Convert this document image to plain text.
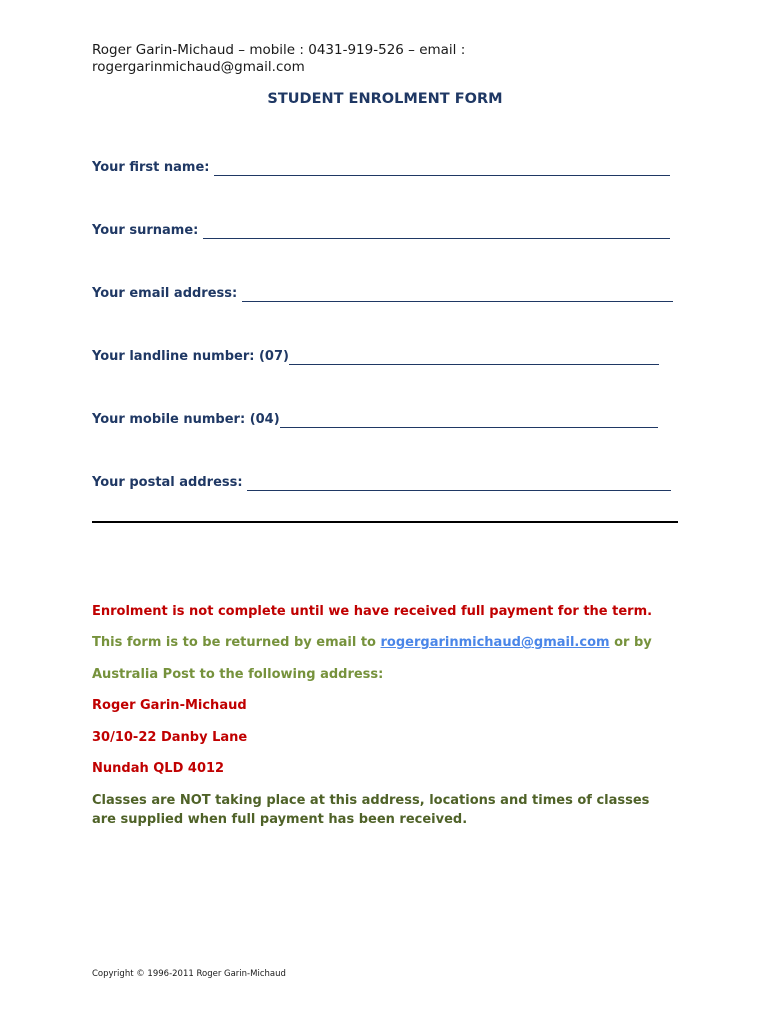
Roger Garin-Michaud – mobile : 0431-919-526 – email :

rogergarinmichaud@gmail.com

STUDENT ENROLMENT FORM

Your first name:

Your surname:

Your email address:

Your landline number: (07)

Your mobile number: (04)

Your postal address:

Enrolment is not complete until we have received full payment for the term.

This form is to be returned by email to rogergarinmichaud@gmail.com or by

Australia Post to the following address:

Roger Garin-Michaud

30/10-22 Danby Lane

Nundah QLD 4012

Classes are NOT taking place at this address, locations and times of classes are supplied when full payment has been received.

Copyright © 1996-2011 Roger Garin-Michaud
